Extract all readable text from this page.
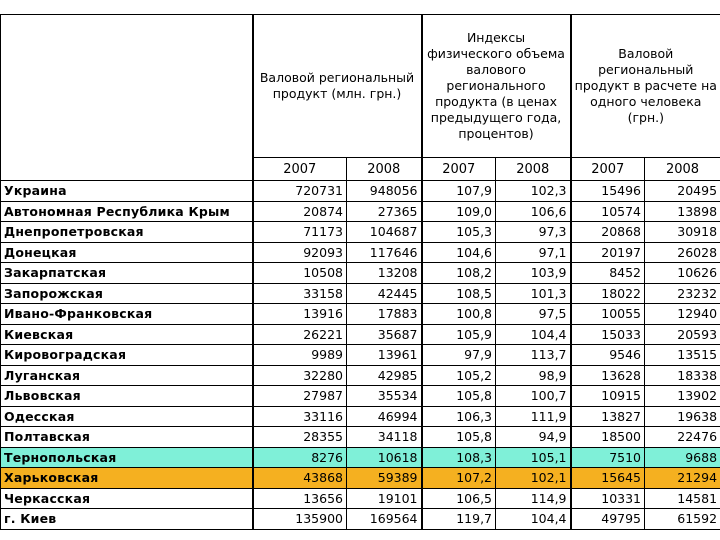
	Валовой региональный продукт (млн. грн.)		Индексы физического объема валового регионального продукта (в ценах предыдущего года, процентов)		Валовой региональный продукт в расчете на одного человека (грн.)	
	2007	2008	2007	2008	2007	2008
Украина	720731	948056	107,9	102,3	15496	20495
Автономная Республика Крым	20874	27365	109,0	106,6	10574	13898
Днепропетровская	71173	104687	105,3	97,3	20868	30918
Донецкая	92093	117646	104,6	97,1	20197	26028
Закарпатская	10508	13208	108,2	103,9	8452	10626
Запорожская	33158	42445	108,5	101,3	18022	23232
Ивано-Франковская	13916	17883	100,8	97,5	10055	12940
Киевская	26221	35687	105,9	104,4	15033	20593
Кировоградская	9989	13961	97,9	113,7	9546	13515
Луганская	32280	42985	105,2	98,9	13628	18338
Львовская	27987	35534	105,8	100,7	10915	13902
Одесская	33116	46994	106,3	111,9	13827	19638
Полтавская	28355	34118	105,8	94,9	18500	22476
Тернопольская	8276	10618	108,3	105,1	7510	9688
Харьковская	43868	59389	107,2	102,1	15645	21294
Черкасская	13656	19101	106,5	114,9	10331	14581
г. Киев	135900	169564	119,7	104,4	49795	61592
